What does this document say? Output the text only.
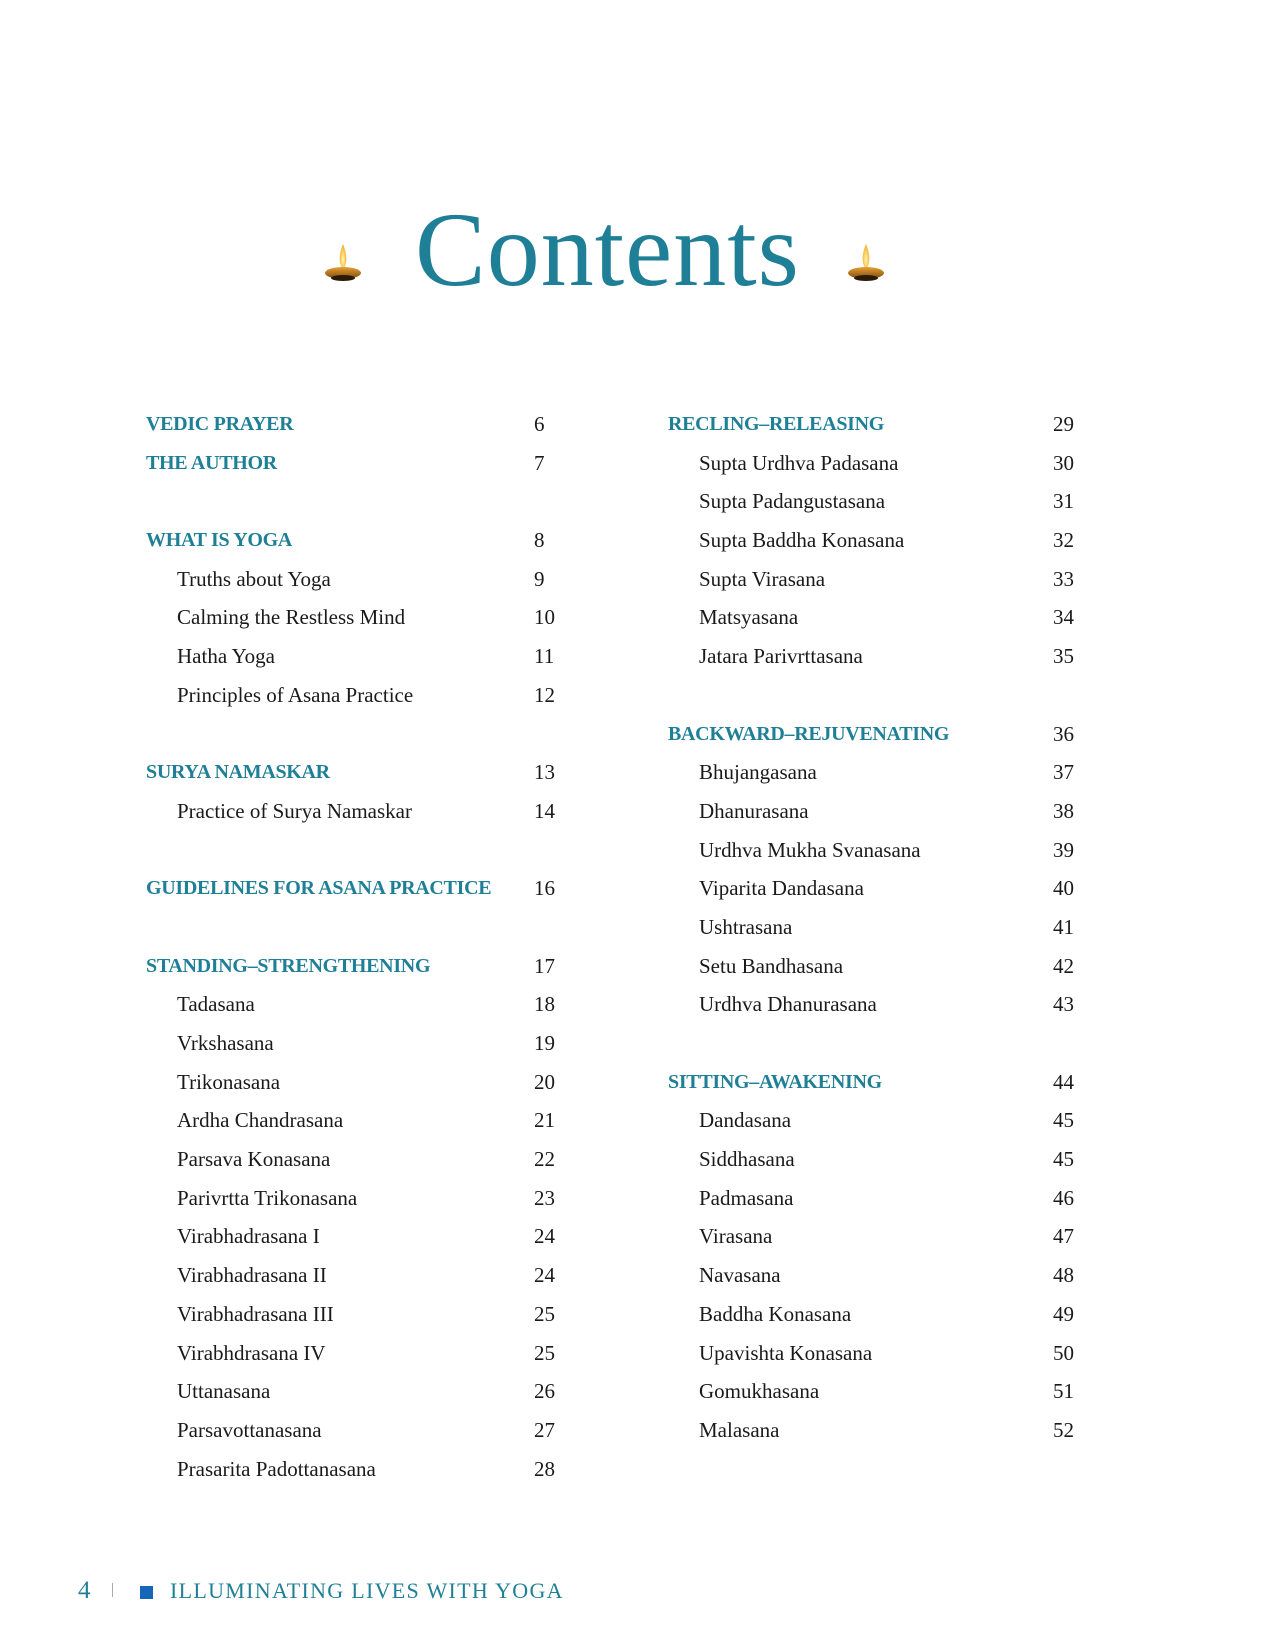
Contents
VEDIC PRAYER	6
THE AUTHOR	7
WHAT IS YOGA	8
Truths about Yoga	9
Calming the Restless Mind	10
Hatha Yoga	11
Principles of Asana Practice	12
SURYA NAMASKAR	13
Practice of Surya Namaskar	14
GUIDELINES FOR ASANA PRACTICE 16
STANDING–STRENGTHENING	17
Tadasana	18
Vrkshasana	19
Trikonasana	20
Ardha Chandrasana	21
Parsava Konasana	22
Parivrtta Trikonasana	23
Virabhadrasana I	24
Virabhadrasana II	24
Virabhadrasana III	25
Virabhdrasana IV	25
Uttanasana	26
Parsavottanasana	27
Prasarita Padottanasana	28
RECLING–RELEASING	29
Supta Urdhva Padasana	30
Supta Padangustasana	31
Supta Baddha Konasana	32
Supta Virasana	33
Matsyasana	34
Jatara Parivrttasana	35
BACKWARD–REJUVENATING	36
Bhujangasana	37
Dhanurasana	38
Urdhva Mukha Svanasana	39
Viparita Dandasana	40
Ushtrasana	41
Setu Bandhasana	42
Urdhva Dhanurasana	43
SITTING–AWAKENING	44
Dandasana	45
Siddhasana	45
Padmasana	46
Virasana	47
Navasana	48
Baddha Konasana	49
Upavishta Konasana	50
Gomukhasana	51
Malasana	52
4	ILLUMINATING LIVES WITH YOGA
